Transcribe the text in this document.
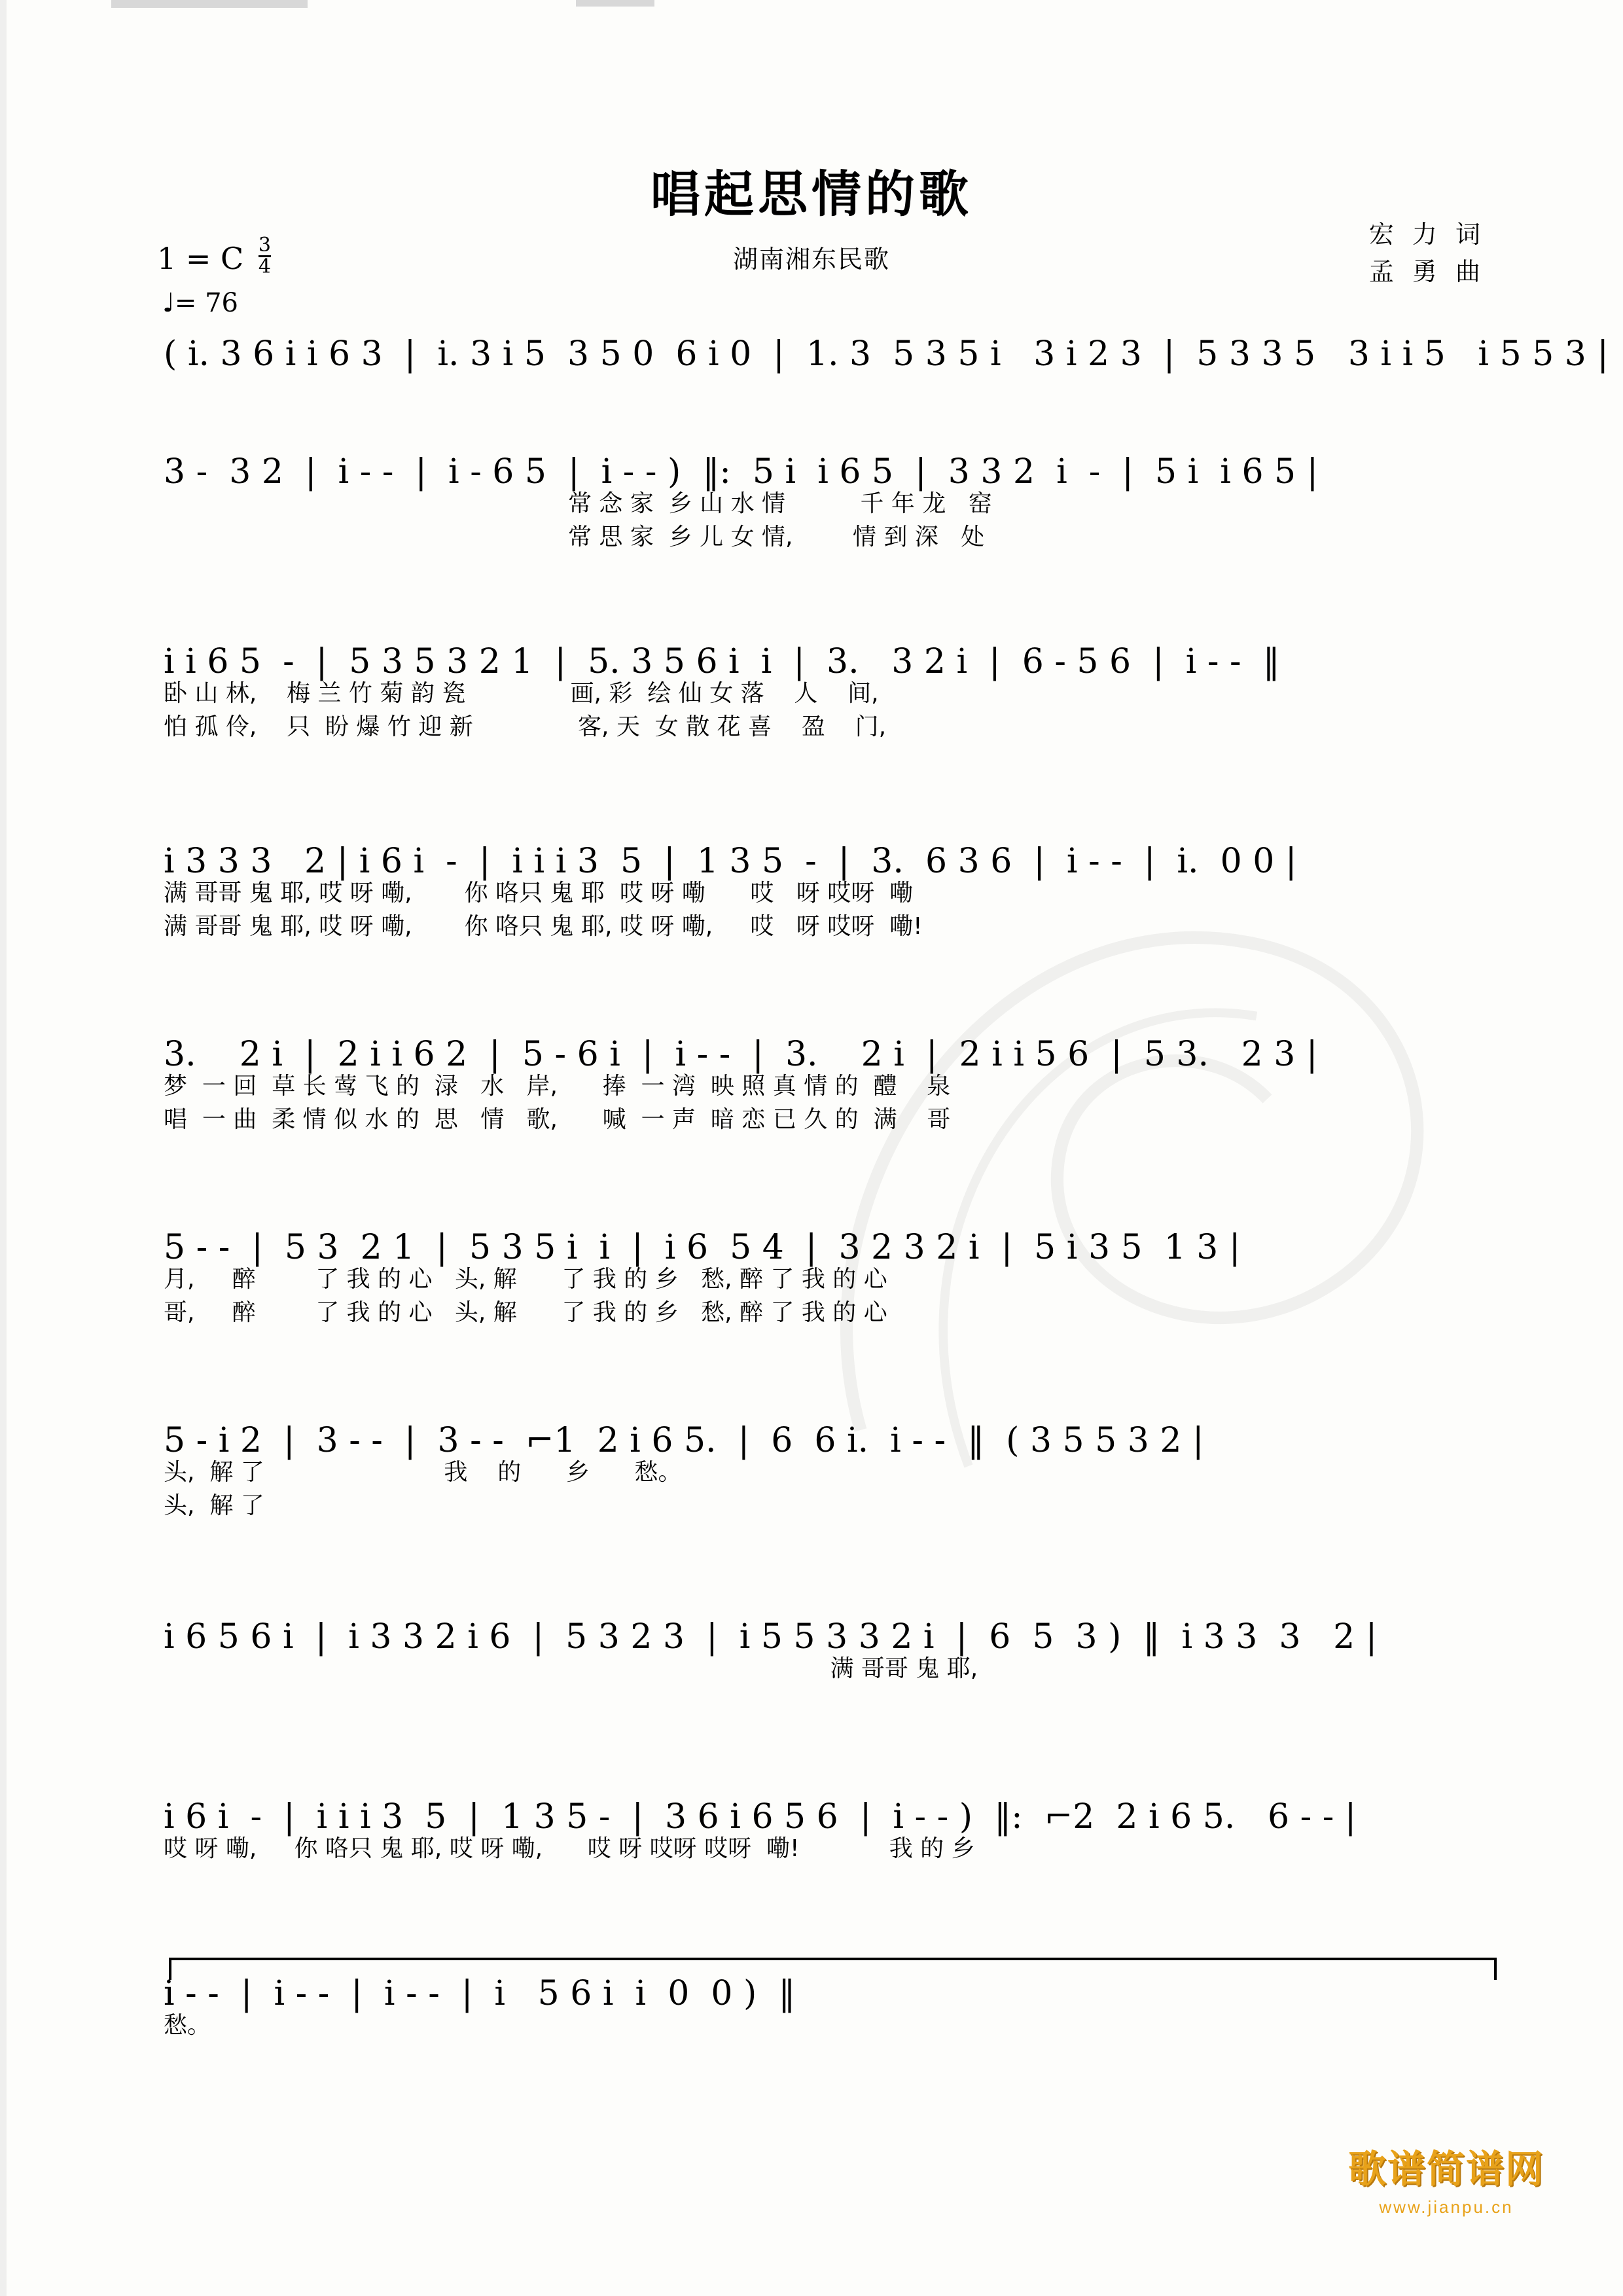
唱起思情的歌
湖南湘东民歌
宏 力 词
孟 勇 曲
1 = C $\frac{3}{4}$
♩= 76
( i. 3 6 i i 6 3  |  i. 3 i 5  3 5 0  6 i 0  |  1. 3  5 3 5 i   3 i 2 3  |  5 3 3 5   3 i i 5   i 5 5 3 |
3 -  3 2  |  i - -  |  i - 6 5  |  i - - )  ‖:  5 i  i 6 5  |  3 3 2  i  -  |  5 i  i 6 5 |
常 念 家  乡 山 水 情          千 年 龙   窑
常 思 家  乡 儿 女 情,        情 到 深   处
i i 6 5  -  |  5 3 5 3 2 1  |  5. 3 5 6 i  i  |  3.   3 2 i  |  6 - 5 6  |  i - -  ‖
卧 山 林,    梅 兰 竹 菊 韵 瓷              画, 彩  绘 仙 女 落    人    间,
怕 孤 伶,    只  盼 爆 竹 迎 新              客, 天  女 散 花 喜    盈    门,
i 3 3 3   2 | i 6 i  -  |  i i i 3  5  |  1 3 5  -  |  3.  6 3 6  |  i - -  |  i.  0 0 |
满 哥哥 鬼 耶, 哎 呀 嘞,       你 咯只 鬼 耶  哎 呀 嘞      哎   呀 哎呀  嘞
满 哥哥 鬼 耶, 哎 呀 嘞,       你 咯只 鬼 耶, 哎 呀 嘞,     哎   呀 哎呀  嘞!
3.    2 i  |  2 i i 6 2  |  5 - 6 i  |  i - -  |  3.    2 i  |  2 i i 5 6  |  5 3.   2 3 |
梦  一 回  草 长 莺 飞 的  渌   水   岸,      捧  一 湾  映 照 真 情 的  醴    泉
唱  一 曲  柔 情 似 水 的  思   情   歌,      喊  一 声  暗 恋 已 久 的  满    哥
5 - -  |  5 3  2 1  |  5 3 5 i  i  |  i 6  5 4  |  3 2 3 2 i  |  5 i 3 5  1 3 |
月,     醉        了 我 的 心   头, 解      了 我 的 乡   愁, 醉 了 我 的 心
哥,     醉        了 我 的 心   头, 解      了 我 的 乡   愁, 醉 了 我 的 心
5 - i 2  |  3 - -  |  3 - -  ⌐1  2 i 6 5.  |  6  6 i.  i - -  ‖  ( 3 5 5 3 2 |
头,  解 了                        我    的      乡      愁。
头,  解 了
i 6 5 6 i  |  i 3 3 2 i 6  |  5 3 2 3  |  i 5 5 3 3 2 i  |  6  5  3 )  ‖  i 3 3  3   2 |
满 哥哥 鬼 耶,
i 6 i  -  |  i i i 3  5  |  1 3 5 -  |  3 6 i 6 5 6  |  i - - )  ‖:  ⌐2  2 i 6 5.   6 - - |
哎 呀 嘞,     你 咯只 鬼 耶, 哎 呀 嘞,      哎 呀 哎呀 哎呀  嘞!            我 的 乡
i - -  |  i - -  |  i - -  |  i   5 6 i  i  0  0 )  ‖
愁。
歌谱简谱网
www.jianpu.cn
